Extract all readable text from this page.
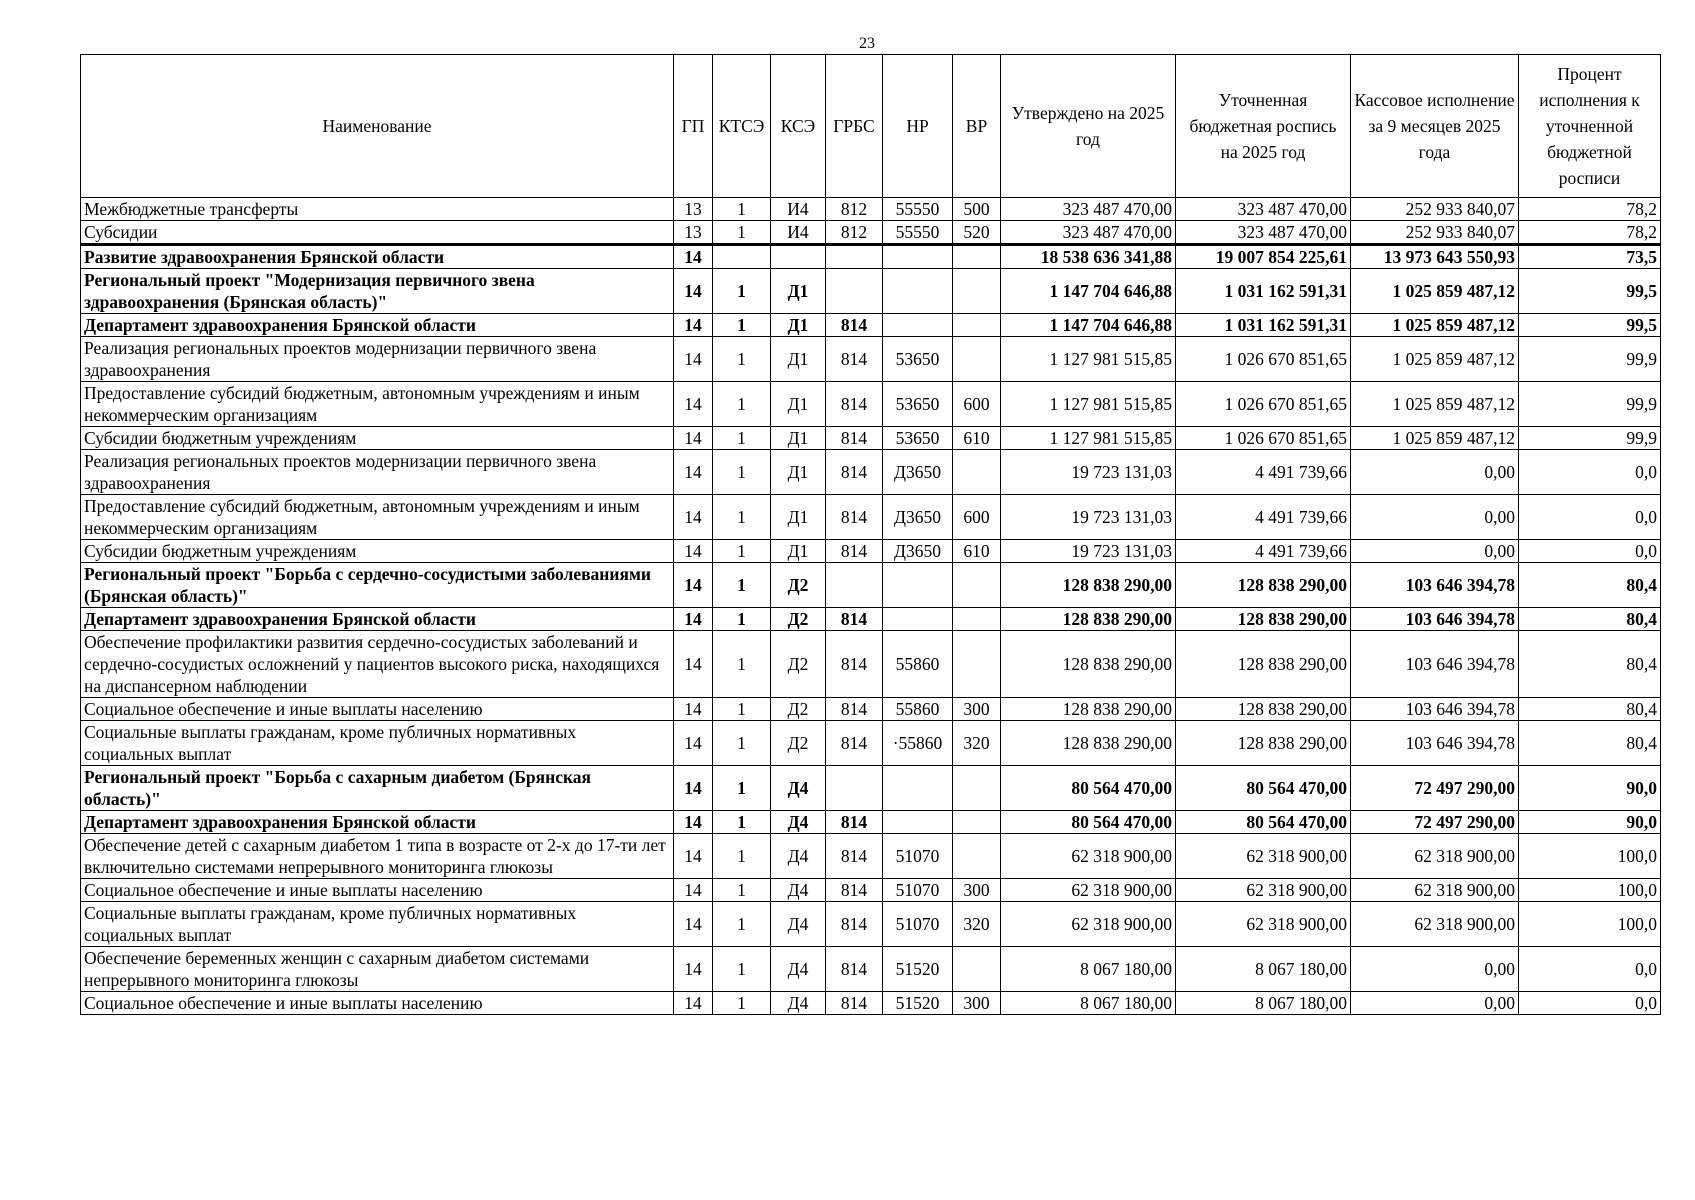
23
Наименование	ГП	КТСЭ	КСЭ	ГРБС	НР	ВР	Утверждено на 2025 год	Уточненная бюджетная роспись на 2025 год	Кассовое исполнение за 9 месяцев 2025 года	Процент исполнения к уточненной бюджетной росписи
Межбюджетные трансферты	13	1	И4	812	55550	500	323 487 470,00	323 487 470,00	252 933 840,07	78,2
Субсидии	13	1	И4	812	55550	520	323 487 470,00	323 487 470,00	252 933 840,07	78,2
Развитие здравоохранения Брянской области	14						18 538 636 341,88	19 007 854 225,61	13 973 643 550,93	73,5
Региональный проект "Модернизация первичного звена здравоохранения (Брянская область)"	14	1	Д1				1 147 704 646,88	1 031 162 591,31	1 025 859 487,12	99,5
Департамент здравоохранения Брянской области	14	1	Д1	814			1 147 704 646,88	1 031 162 591,31	1 025 859 487,12	99,5
Реализация региональных проектов модернизации первичного звена здравоохранения	14	1	Д1	814	53650		1 127 981 515,85	1 026 670 851,65	1 025 859 487,12	99,9
Предоставление субсидий бюджетным, автономным учреждениям и иным некоммерческим организациям	14	1	Д1	814	53650	600	1 127 981 515,85	1 026 670 851,65	1 025 859 487,12	99,9
Субсидии бюджетным учреждениям	14	1	Д1	814	53650	610	1 127 981 515,85	1 026 670 851,65	1 025 859 487,12	99,9
Реализация региональных проектов модернизации первичного звена здравоохранения	14	1	Д1	814	Д3650		19 723 131,03	4 491 739,66	0,00	0,0
Предоставление субсидий бюджетным, автономным учреждениям и иным некоммерческим организациям	14	1	Д1	814	Д3650	600	19 723 131,03	4 491 739,66	0,00	0,0
Субсидии бюджетным учреждениям	14	1	Д1	814	Д3650	610	19 723 131,03	4 491 739,66	0,00	0,0
Региональный проект "Борьба с сердечно-сосудистыми заболеваниями (Брянская область)"	14	1	Д2				128 838 290,00	128 838 290,00	103 646 394,78	80,4
Департамент здравоохранения Брянской области	14	1	Д2	814			128 838 290,00	128 838 290,00	103 646 394,78	80,4
Обеспечение профилактики развития сердечно-сосудистых заболеваний и сердечно-сосудистых осложнений у пациентов высокого риска, находящихся на диспансерном наблюдении	14	1	Д2	814	55860		128 838 290,00	128 838 290,00	103 646 394,78	80,4
Социальное обеспечение и иные выплаты населению	14	1	Д2	814	55860	300	128 838 290,00	128 838 290,00	103 646 394,78	80,4
Социальные выплаты гражданам, кроме публичных нормативных социальных выплат	14	1	Д2	814	·55860	320	128 838 290,00	128 838 290,00	103 646 394,78	80,4
Региональный проект "Борьба с сахарным диабетом (Брянская область)"	14	1	Д4				80 564 470,00	80 564 470,00	72 497 290,00	90,0
Департамент здравоохранения Брянской области	14	1	Д4	814			80 564 470,00	80 564 470,00	72 497 290,00	90,0
Обеспечение детей с сахарным диабетом 1 типа в возрасте от 2-х до 17-ти лет включительно системами непрерывного мониторинга глюкозы	14	1	Д4	814	51070		62 318 900,00	62 318 900,00	62 318 900,00	100,0
Социальное обеспечение и иные выплаты населению	14	1	Д4	814	51070	300	62 318 900,00	62 318 900,00	62 318 900,00	100,0
Социальные выплаты гражданам, кроме публичных нормативных социальных выплат	14	1	Д4	814	51070	320	62 318 900,00	62 318 900,00	62 318 900,00	100,0
Обеспечение беременных женщин с сахарным диабетом системами непрерывного мониторинга глюкозы	14	1	Д4	814	51520		8 067 180,00	8 067 180,00	0,00	0,0
Социальное обеспечение и иные выплаты населению	14	1	Д4	814	51520	300	8 067 180,00	8 067 180,00	0,00	0,0
